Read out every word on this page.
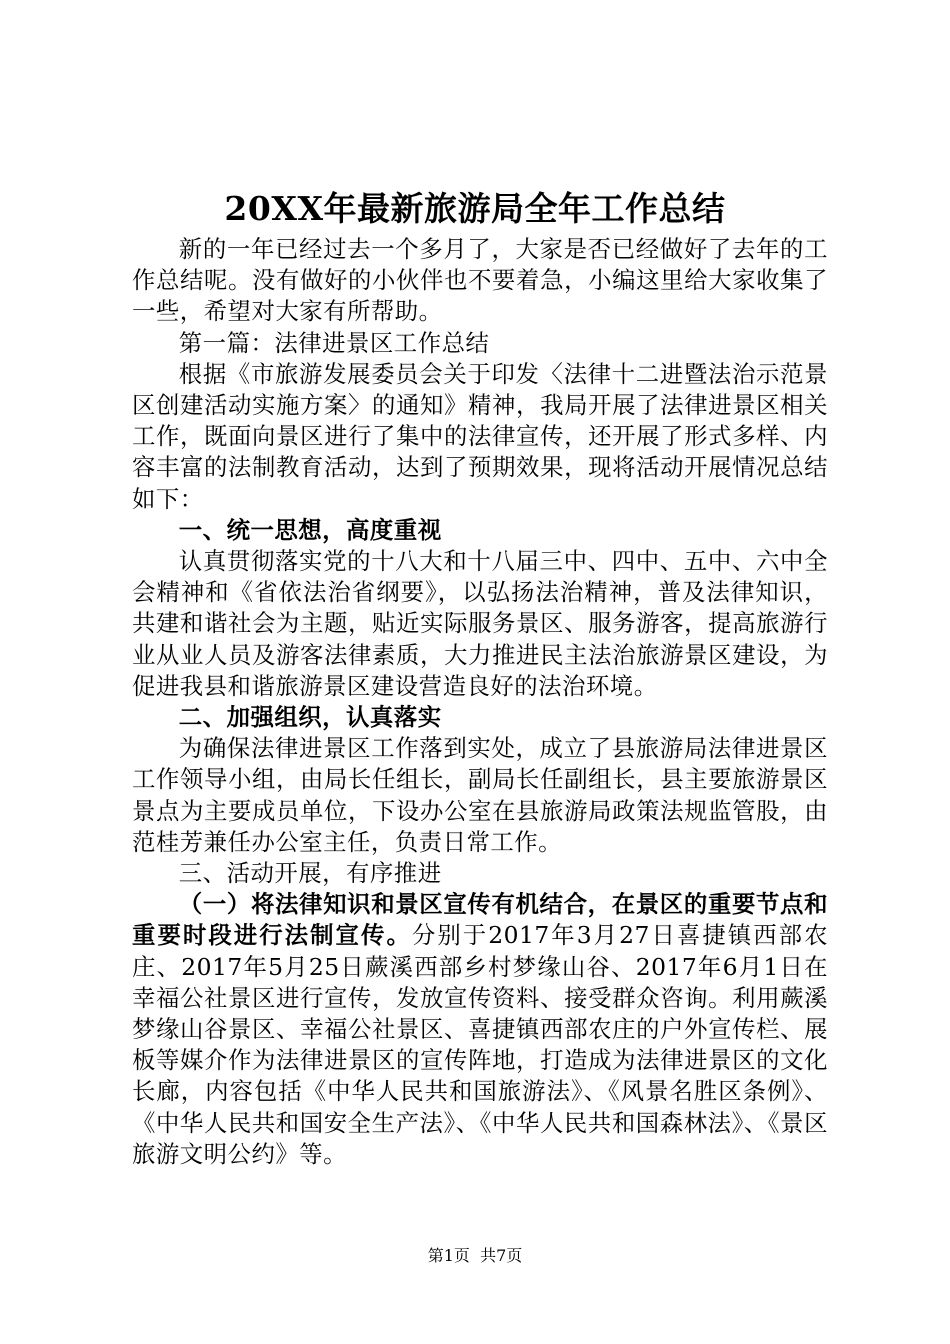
20XX年最新旅游局全年工作总结

新的一年已经过去一个多月了，大家是否已经做好了去年的工作总结呢。没有做好的小伙伴也不要着急，小编这里给大家收集了一些，希望对大家有所帮助。

第一篇：法律进景区工作总结

根据《市旅游发展委员会关于印发〈法律十二进暨法治示范景区创建活动实施方案〉的通知》精神，我局开展了法律进景区相关工作，既面向景区进行了集中的法律宣传，还开展了形式多样、内容丰富的法制教育活动，达到了预期效果，现将活动开展情况总结如下：

一、统一思想，高度重视

认真贯彻落实党的十八大和十八届三中、四中、五中、六中全会精神和《省依法治省纲要》，以弘扬法治精神，普及法律知识，共建和谐社会为主题，贴近实际服务景区、服务游客，提高旅游行业从业人员及游客法律素质，大力推进民主法治旅游景区建设，为促进我县和谐旅游景区建设营造良好的法治环境。

二、加强组织，认真落实

为确保法律进景区工作落到实处，成立了县旅游局法律进景区工作领导小组，由局长任组长，副局长任副组长，县主要旅游景区景点为主要成员单位，下设办公室在县旅游局政策法规监管股，由范桂芳兼任办公室主任，负责日常工作。

三、活动开展，有序推进

（一）将法律知识和景区宣传有机结合，在景区的重要节点和重要时段进行法制宣传。分别于2017年3月27日喜捷镇西部农庄、2017年5月25日蕨溪西部乡村梦缘山谷、2017年6月1日在幸福公社景区进行宣传，发放宣传资料、接受群众咨询。利用蕨溪梦缘山谷景区、幸福公社景区、喜捷镇西部农庄的户外宣传栏、展板等媒介作为法律进景区的宣传阵地，打造成为法律进景区的文化长廊，内容包括《中华人民共和国旅游法》、《风景名胜区条例》、《中华人民共和国安全生产法》、《中华人民共和国森林法》、《景区旅游文明公约》等。

第1页  共7页
